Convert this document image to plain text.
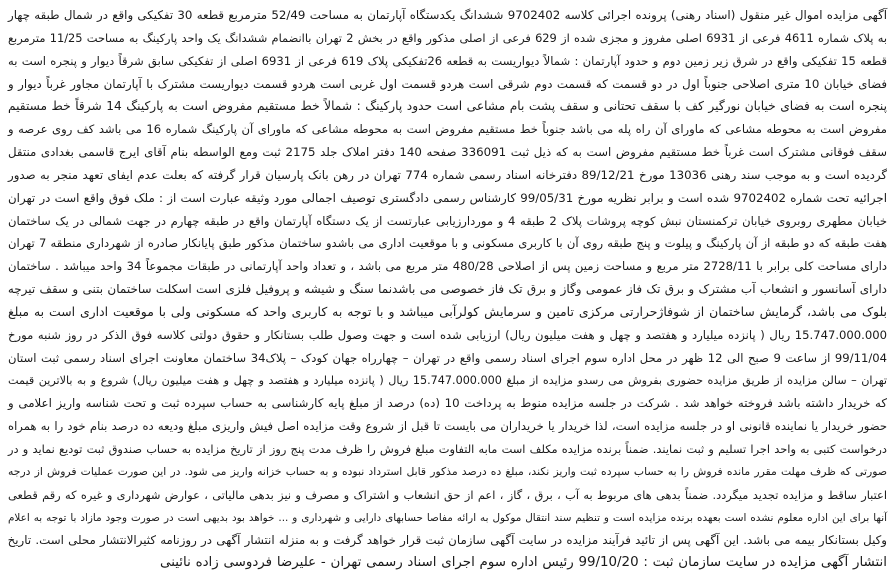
آگهی مزایده اموال غیر منقول (اسناد رهنی) پرونده اجرائی کلاسه 9702402 ششدانگ یکدستگاه آپارتمان به مساحت 52/49 مترمربع قطعه 30 تفکیکی واقع در شمال طبقه چهار
به پلاک شماره 4611 فرعی از 6931 اصلی مفروز و مجزی شده از 629 فرعی از اصلی مذکور واقع در بخش 2 تهران باانضمام ششدانگ یک واحد پارکینگ به مساحت 11/25 مترمربع
قطعه 15 تفکیکی واقع در شرق زیر زمین دوم و حدود آپارتمان : شمالاً دیواریست به قطعه 26تفکیکی پلاک 619 فرعی از 6931 اصلی از تفکیکی سابق شرقاً دیوار و پنجره است به
فضای خیابان 10 متری اصلاحی جنوباً اول در دو قسمت که قسمت دوم شرقی است هردو قسمت اول غربی است هردو قسمت دیواریست مشترک با آپارتمان مجاور غرباً دیوار و
پنجره است به فضای خیابان نورگیر کف با سقف تحتانی و سقف پشت بام مشاعی است حدود پارکینگ : شمالاً خط مستقیم مفروض است به پارکینگ 14 شرقاً خط مستقیم
مفروض است به محوطه مشاعی که ماورای آن راه پله می باشد جنوباً خط مستقیم مفروض است به محوطه مشاعی که ماورای آن پارکینگ شماره 16 می باشد کف روی عرصه و
سقف فوقانی مشترک است غرباً خط مستقیم مفروض است به که ذیل ثبت 336091 صفحه 140 دفتر املاک جلد 2175 ثبت ومع الواسطه بنام آقای ایرج قاسمی بغدادی منتقل
گردیده است و به موجب سند رهنی 13036 مورخ 89/12/21 دفترخانه اسناد رسمی شماره 774 تهران در رهن بانک پارسیان قرار گرفته که بعلت عدم ایفای تعهد منجر به صدور
اجرائیه تحت شماره 9702402 شده است و برابر نظریه مورخ 99/05/31 کارشناس رسمی دادگستری توصیف اجمالی مورد وثیقه عبارت است از : ملک فوق واقع است در تهران
خیابان مطهری روبروی خیابان ترکمنستان نبش کوچه پروشات پلاک 2 طبقه 4 و موردارزیابی عبارتست از یک دستگاه آپارتمان واقع در طبقه چهارم در جهت شمالی در یک ساختمان
هفت طبقه که دو طبقه از آن پارکینگ و پیلوت و پنج طبقه روی آن با کاربری مسکونی و با موقعیت اداری می باشدو ساختمان مذکور طبق پایانکار صادره از شهرداری منطقه 7 تهران
دارای مساحت کلی برابر با 2728/11 متر مربع و مساحت زمین پس از اصلاحی 480/28 متر مربع می باشد ، و تعداد واحد آپارتمانی در طبقات مجموعاً 34 واحد میباشد . ساختمان
دارای آسانسور و انشعاب آب مشترک و برق تک فاز عمومی وگاز و برق تک فاز خصوصی می باشدنما سنگ و شیشه و پروفیل فلزی است اسکلت ساختمان بتنی و سقف تیرچه
بلوک می باشد، گرمایش ساختمان از شوفاژحرارتی مرکزی تامین و سرمایش کولرآبی میباشد و با توجه به کاربری واحد که مسکونی ولی با موقعیت اداری است به مبلغ
15.747.000.000 ریال ( پانزده میلیارد و هفتصد و چهل و هفت میلیون ریال) ارزیابی شده است و جهت وصول طلب بستانکار و حقوق دولتی کلاسه فوق الذکر در روز شنبه مورخ
99/11/04 از ساعت 9 صبح الی 12 ظهر در محل اداره سوم اجرای اسناد رسمی واقع در تهران – چهارراه جهان کودک – پلاک34 ساختمان معاونت اجرای اسناد رسمی ثبت استان
تهران – سالن مزایده از طریق مزایده حضوری بفروش می رسدو مزایده از مبلغ 15.747.000.000 ریال ( پانزده میلیارد و هفتصد و چهل و هفت میلیون ریال) شروع و به بالاترین قیمت
که خریدار داشته باشد فروخته خواهد شد . شرکت در جلسه مزایده منوط به پرداخت 10 (ده) درصد از مبلغ پایه کارشناسی به حساب سپرده ثبت و تحت شناسه واریز اعلامی و
حضور خریدار یا نماینده قانونی او در جلسه مزایده است، لذا خریدار یا خریداران می بایست تا قبل از شروع وقت مزایده اصل فیش واریزی مبلغ ودیعه ده درصد بنام خود را به همراه
درخواست کتبی به واحد اجرا تسلیم و ثبت نمایند. ضمناً برنده مزایده مکلف است مابه التفاوت مبلغ فروش را ظرف مدت پنج روز از تاریخ مزایده به حساب صندوق ثبت تودیع نماید و در
صورتی که ظرف مهلت مقرر مانده فروش را به حساب سپرده ثبت واریز نکند، مبلغ ده درصد مذکور قابل استرداد نبوده و به حساب خزانه واریز می شود. در این صورت عملیات فروش از درجه
اعتبار ساقط و مزایده تجدید میگردد. ضمناً بدهی های مربوط به آب ، برق ، گاز ، اعم از حق انشعاب و اشتراک و مصرف و نیز بدهی مالیاتی ، عوارض شهرداری و غیره که رقم قطعی
آنها برای این اداره معلوم نشده است بعهده برنده مزایده است و تنظیم سند انتقال موکول به ارائه مفاصا حسابهای دارایی و شهرداری و ... خواهد بود بدیهی است در صورت وجود مازاد با توجه به اعلام
وکیل بستانکار بیمه می باشد. این آگهی پس از تائید فرآیند مزایده در سایت آگهی سازمان ثبت قرار خواهد گرفت و به منزله انتشار آگهی در روزنامه کثیرالانتشار محلی است. تاریخ
انتشار آگهی مزایده در سایت سازمان ثبت : 99/10/20 رئیس اداره سوم اجرای اسناد رسمی تهران - علیرضا فردوسی زاده نائینی
